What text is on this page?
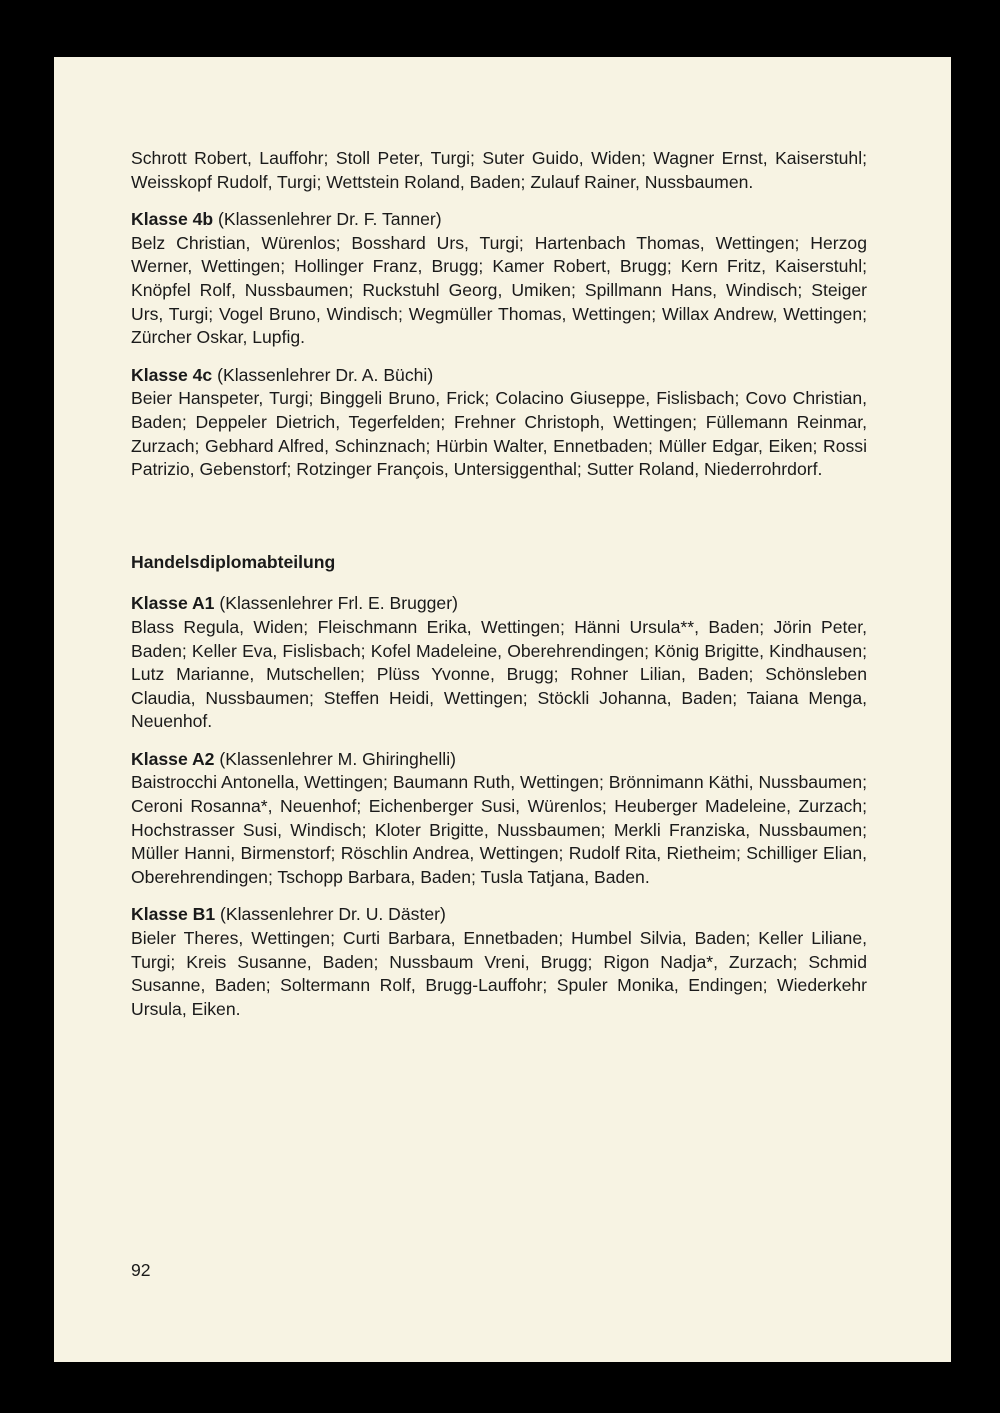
Schrott Robert, Lauffohr; Stoll Peter, Turgi; Suter Guido, Widen; Wagner Ernst, Kaiserstuhl; Weisskopf Rudolf, Turgi; Wettstein Roland, Baden; Zulauf Rainer, Nussbaumen.

Klasse 4b (Klassenlehrer Dr. F. Tanner)

Belz Christian, Würenlos; Bosshard Urs, Turgi; Hartenbach Thomas, Wettingen; Herzog Werner, Wettingen; Hollinger Franz, Brugg; Kamer Robert, Brugg; Kern Fritz, Kaiserstuhl; Knöpfel Rolf, Nussbaumen; Ruckstuhl Georg, Umiken; Spillmann Hans, Windisch; Steiger Urs, Turgi; Vogel Bruno, Windisch; Wegmüller Thomas, Wettingen; Willax Andrew, Wettingen; Zürcher Oskar, Lupfig.

Klasse 4c (Klassenlehrer Dr. A. Büchi)

Beier Hanspeter, Turgi; Binggeli Bruno, Frick; Colacino Giuseppe, Fislisbach; Covo Christian, Baden; Deppeler Dietrich, Tegerfelden; Frehner Christoph, Wettingen; Füllemann Reinmar, Zurzach; Gebhard Alfred, Schinznach; Hürbin Walter, Ennetbaden; Müller Edgar, Eiken; Rossi Patrizio, Gebenstorf; Rotzinger François, Untersiggenthal; Sutter Roland, Niederrohrdorf.

Handelsdiplomabteilung

Klasse A1 (Klassenlehrer Frl. E. Brugger)

Blass Regula, Widen; Fleischmann Erika, Wettingen; Hänni Ursula**, Baden; Jörin Peter, Baden; Keller Eva, Fislisbach; Kofel Madeleine, Oberehrendingen; König Brigitte, Kindhausen; Lutz Marianne, Mutschellen; Plüss Yvonne, Brugg; Rohner Lilian, Baden; Schönsleben Claudia, Nussbaumen; Steffen Heidi, Wettingen; Stöckli Johanna, Baden; Taiana Menga, Neuenhof.

Klasse A2 (Klassenlehrer M. Ghiringhelli)

Baistrocchi Antonella, Wettingen; Baumann Ruth, Wettingen; Brönnimann Käthi, Nussbaumen; Ceroni Rosanna*, Neuenhof; Eichenberger Susi, Würenlos; Heuberger Madeleine, Zurzach; Hochstrasser Susi, Windisch; Kloter Brigitte, Nussbaumen; Merkli Franziska, Nussbaumen; Müller Hanni, Birmenstorf; Röschlin Andrea, Wettingen; Rudolf Rita, Rietheim; Schilliger Elian, Oberehrendingen; Tschopp Barbara, Baden; Tusla Tatjana, Baden.

Klasse B1 (Klassenlehrer Dr. U. Däster)

Bieler Theres, Wettingen; Curti Barbara, Ennetbaden; Humbel Silvia, Baden; Keller Liliane, Turgi; Kreis Susanne, Baden; Nussbaum Vreni, Brugg; Rigon Nadja*, Zurzach; Schmid Susanne, Baden; Soltermann Rolf, Brugg-Lauffohr; Spuler Monika, Endingen; Wiederkehr Ursula, Eiken.

92
